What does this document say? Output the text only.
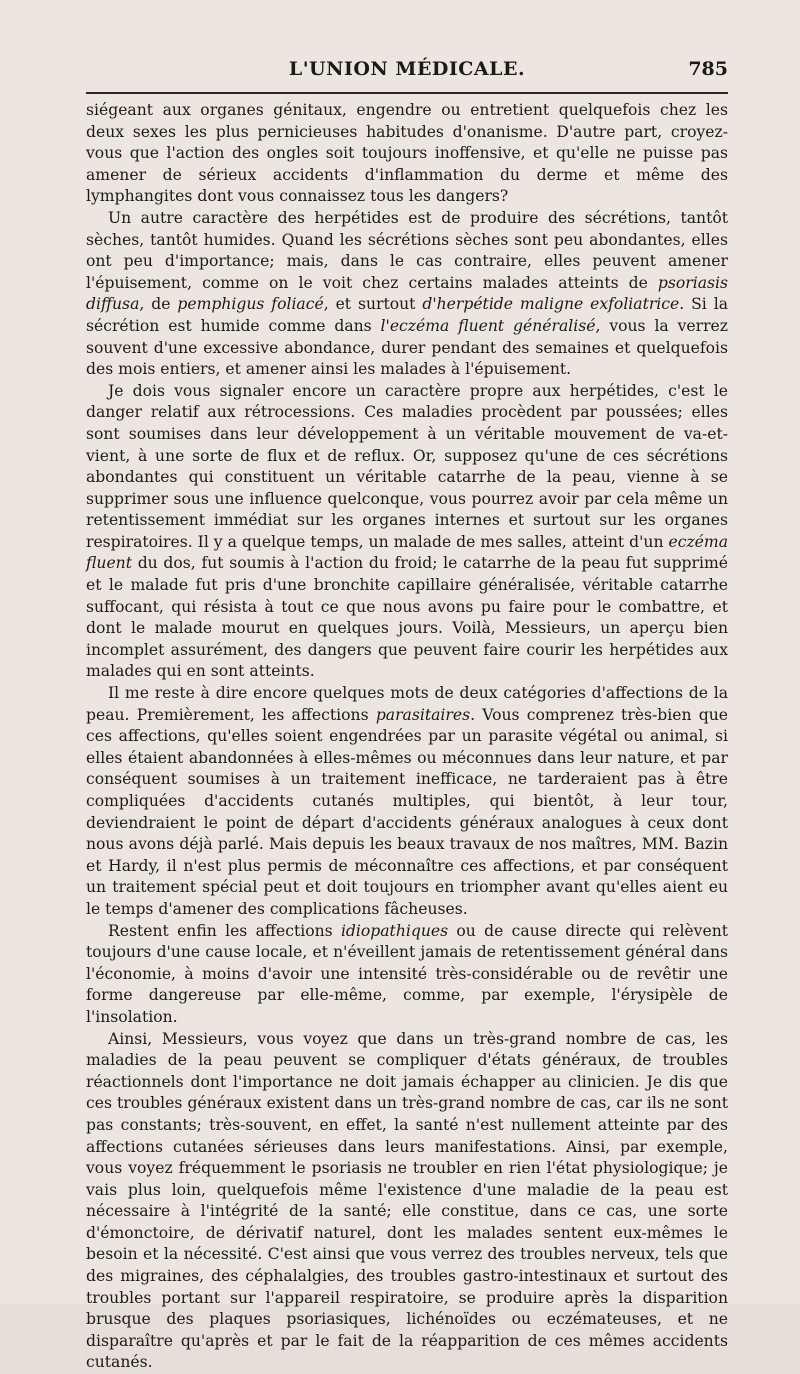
L'UNION MÉDICALE.	785

siégeant aux organes génitaux, engendre ou entretient quelquefois chez les deux sexes les plus pernicieuses habitudes d'onanisme. D'autre part, croyez-vous que l'action des ongles soit toujours inoffensive, et qu'elle ne puisse pas amener de sérieux accidents d'inflammation du derme et même des lymphangites dont vous connaissez tous les dangers?

Un autre caractère des herpétides est de produire des sécrétions, tantôt sèches, tantôt humides. Quand les sécrétions sèches sont peu abondantes, elles ont peu d'importance; mais, dans le cas contraire, elles peuvent amener l'épuisement, comme on le voit chez certains malades atteints de psoriasis diffusa, de pemphigus foliacé, et surtout d'herpétide maligne exfoliatrice. Si la sécrétion est humide comme dans l'eczéma fluent généralisé, vous la verrez souvent d'une excessive abondance, durer pendant des semaines et quelquefois des mois entiers, et amener ainsi les malades à l'épuisement.

Je dois vous signaler encore un caractère propre aux herpétides, c'est le danger relatif aux rétrocessions. Ces maladies procèdent par poussées; elles sont soumises dans leur développement à un véritable mouvement de va-et-vient, à une sorte de flux et de reflux. Or, supposez qu'une de ces sécrétions abondantes qui constituent un véritable catarrhe de la peau, vienne à se supprimer sous une influence quelconque, vous pourrez avoir par cela même un retentissement immédiat sur les organes internes et surtout sur les organes respiratoires. Il y a quelque temps, un malade de mes salles, atteint d'un eczéma fluent du dos, fut soumis à l'action du froid; le catarrhe de la peau fut supprimé et le malade fut pris d'une bronchite capillaire généralisée, véritable catarrhe suffocant, qui résista à tout ce que nous avons pu faire pour le combattre, et dont le malade mourut en quelques jours. Voilà, Messieurs, un aperçu bien incomplet assurément, des dangers que peuvent faire courir les herpétides aux malades qui en sont atteints.

Il me reste à dire encore quelques mots de deux catégories d'affections de la peau. Premièrement, les affections parasitaires. Vous comprenez très-bien que ces affections, qu'elles soient engendrées par un parasite végétal ou animal, si elles étaient abandonnées à elles-mêmes ou méconnues dans leur nature, et par conséquent soumises à un traitement inefficace, ne tarderaient pas à être compliquées d'accidents cutanés multiples, qui bientôt, à leur tour, deviendraient le point de départ d'accidents généraux analogues à ceux dont nous avons déjà parlé. Mais depuis les beaux travaux de nos maîtres, MM. Bazin et Hardy, il n'est plus permis de méconnaître ces affections, et par conséquent un traitement spécial peut et doit toujours en triompher avant qu'elles aient eu le temps d'amener des complications fâcheuses.

Restent enfin les affections idiopathiques ou de cause directe qui relèvent toujours d'une cause locale, et n'éveillent jamais de retentissement général dans l'économie, à moins d'avoir une intensité très-considérable ou de revêtir une forme dangereuse par elle-même, comme, par exemple, l'érysipèle de l'insolation.

Ainsi, Messieurs, vous voyez que dans un très-grand nombre de cas, les maladies de la peau peuvent se compliquer d'états généraux, de troubles réactionnels dont l'importance ne doit jamais échapper au clinicien. Je dis que ces troubles généraux existent dans un très-grand nombre de cas, car ils ne sont pas constants; très-souvent, en effet, la santé n'est nullement atteinte par des affections cutanées sérieuses dans leurs manifestations. Ainsi, par exemple, vous voyez fréquemment le psoriasis ne troubler en rien l'état physiologique; je vais plus loin, quelquefois même l'existence d'une maladie de la peau est nécessaire à l'intégrité de la santé; elle constitue, dans ce cas, une sorte d'émonctoire, de dérivatif naturel, dont les malades sentent eux-mêmes le besoin et la nécessité. C'est ainsi que vous verrez des troubles nerveux, tels que des migraines, des céphalalgies, des troubles gastro-intestinaux et surtout des troubles portant sur l'appareil respiratoire, se produire après la disparition brusque des plaques psoriasiques, lichénoïdes ou eczémateuses, et ne disparaître qu'après et par le fait de la réapparition de ces mêmes accidents cutanés.
